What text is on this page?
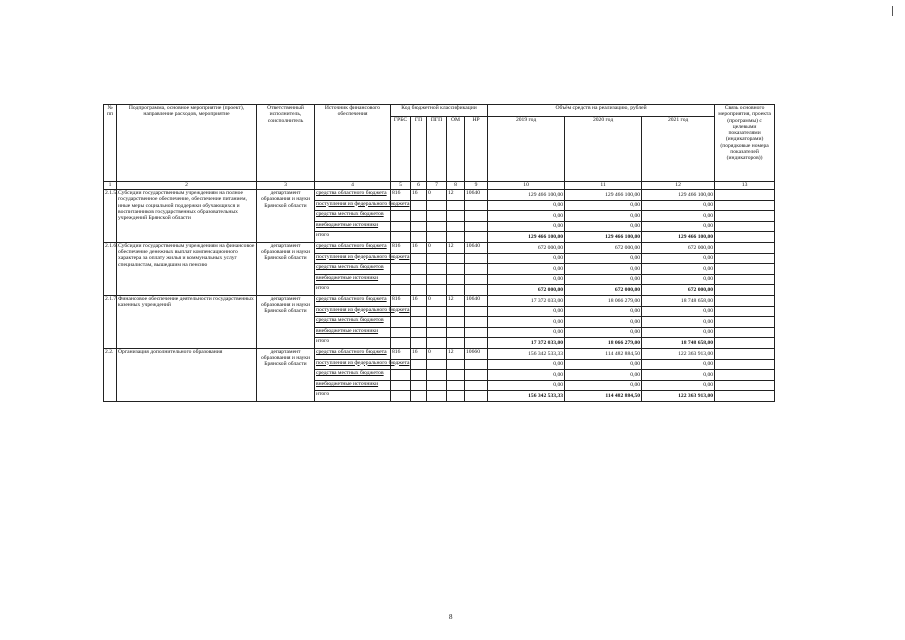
№ пп	Подпрограмма, основное мероприятие (проект), направление расходов, мероприятие	Ответственный исполнитель, соисполнитель	Источник финансового обеспечения	Код бюджетной классификации					Объём средств на реализацию, рублей			Связь основного мероприятия, проекта (программы) с целевыми показателями (индикаторами) (порядковые номера показателей (индикаторов))
				ГРБС	ГП	ПГП	ОМ	НР	2019 год	2020 год	2021 год	
1	2	3	4	5	6	7	8	9	10	11	12	13
2.1.5.	Субсидии государственным учреждениям на полное государственное обеспечение, обеспечение питанием, иные меры социальной поддержки обучающихся и воспитанников государственных образовательных учреждений Брянской области	департамент образования и науки Брянской области	средства областного бюджета	816	16	0	12	10640	129 466 100,00	129 466 100,00	129 466 100,00	
			поступления из федерального бюджета						0,00	0,00	0,00	
			средства местных бюджетов						0,00	0,00	0,00	
			внебюджетные источники						0,00	0,00	0,00	
			итого						129 466 100,00	129 466 100,00	129 466 100,00	
2.1.6.	Субсидии государственным учреждениям на финансовое обеспечение денежных выплат компенсационного характера за оплату жилья и коммунальных услуг специалистам, вышедшим на пенсию	департамент образования и науки Брянской области	средства областного бюджета	816	16	0	12	10640	672 000,00	672 000,00	672 000,00	
			поступления из федерального бюджета						0,00	0,00	0,00	
			средства местных бюджетов						0,00	0,00	0,00	
			внебюджетные источники						0,00	0,00	0,00	
			итого						672 000,00	672 000,00	672 000,00	
2.1.7.	Финансовое обеспечение деятельности государственных казенных учреждений	департамент образования и науки Брянской области	средства областного бюджета	816	16	0	12	10640	17 372 033,00	18 066 279,00	18 748 658,00	
			поступления из федерального бюджета						0,00	0,00	0,00	
			средства местных бюджетов						0,00	0,00	0,00	
			внебюджетные источники						0,00	0,00	0,00	
			итого						17 372 033,00	18 066 279,00	18 748 658,00	
2.2.	Организация дополнительного образования	департамент образования и науки Брянской области	средства областного бюджета	816	16	0	12	10660	156 342 533,33	114 482 884,50	122 363 913,00	
			поступления из федерального бюджета						0,00	0,00	0,00	
			средства местных бюджетов						0,00	0,00	0,00	
			внебюджетные источники						0,00	0,00	0,00	
			итого						156 342 533,33	114 482 884,50	122 363 913,00	
8
